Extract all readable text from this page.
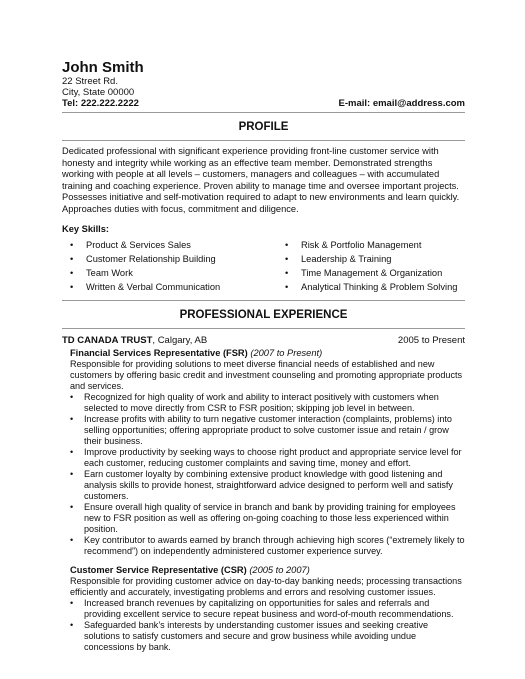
John Smith
22 Street Rd.
City, State 00000
Tel: 222.222.2222	E-mail: email@address.com
PROFILE

Dedicated professional with significant experience providing front-line customer service with honesty and integrity while working as an effective team member. Demonstrated strengths working with people at all levels – customers, managers and colleagues – with accumulated training and coaching experience. Proven ability to manage time and oversee important projects. Possesses initiative and self-motivation required to adapt to new environments and learn quickly. Approaches duties with focus, commitment and diligence.

Key Skills:
• Product & Services Sales
• Customer Relationship Building
• Team Work
• Written & Verbal Communication
• Risk & Portfolio Management
• Leadership & Training
• Time Management & Organization
• Analytical Thinking & Problem Solving
PROFESSIONAL EXPERIENCE
TD CANADA TRUST, Calgary, AB	2005 to Present
Financial Services Representative (FSR) (2007 to Present)
Responsible for providing solutions to meet diverse financial needs of established and new customers by offering basic credit and investment counseling and promoting appropriate products and services.
• Recognized for high quality of work and ability to interact positively with customers when selected to move directly from CSR to FSR position; skipping job level in between.
• Increase profits with ability to turn negative customer interaction (complaints, problems) into selling opportunities; offering appropriate product to solve customer issue and retain / grow their business.
• Improve productivity by seeking ways to choose right product and appropriate service level for each customer, reducing customer complaints and saving time, money and effort.
• Earn customer loyalty by combining extensive product knowledge with good listening and analysis skills to provide honest, straightforward advice designed to perform well and satisfy customers.
• Ensure overall high quality of service in branch and bank by providing training for employees new to FSR position as well as offering on-going coaching to those less experienced within position.
• Key contributor to awards earned by branch through achieving high scores (“extremely likely to recommend”) on independently administered customer experience survey.
Customer Service Representative (CSR) (2005 to 2007)
Responsible for providing customer advice on day-to-day banking needs; processing transactions efficiently and accurately, investigating problems and errors and resolving customer issues.
• Increased branch revenues by capitalizing on opportunities for sales and referrals and providing excellent service to secure repeat business and word-of-mouth recommendations.
• Safeguarded bank’s interests by understanding customer issues and seeking creative solutions to satisfy customers and secure and grow business while avoiding undue concessions by bank.
